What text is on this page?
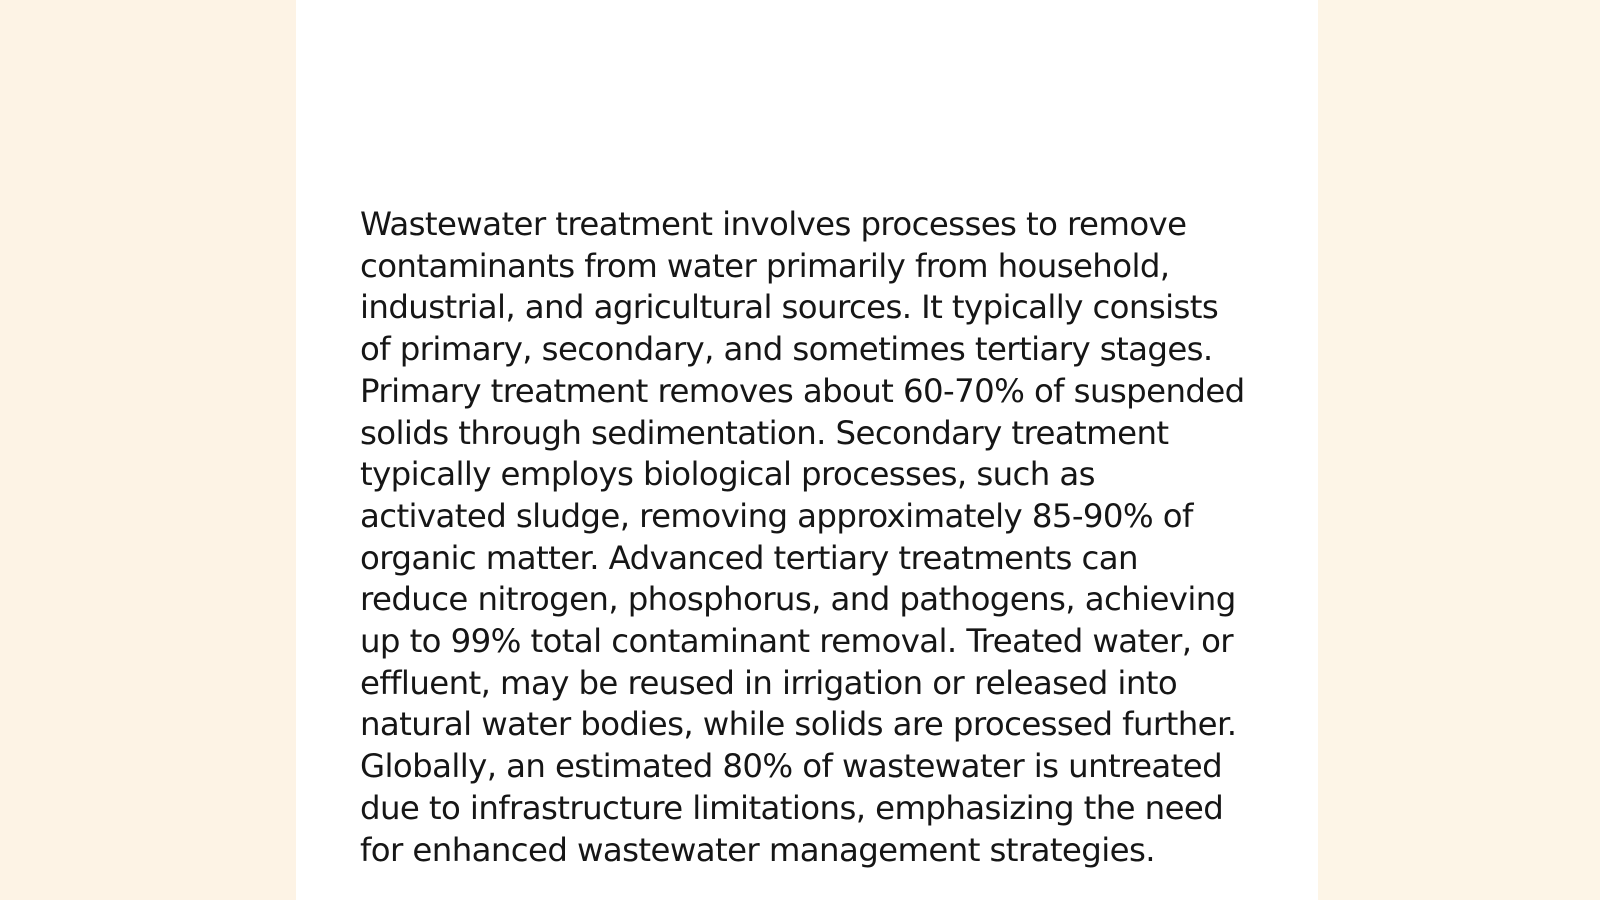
Wastewater treatment involves processes to remove contaminants from water primarily from household, industrial, and agricultural sources. It typically consists of primary, secondary, and sometimes tertiary stages. Primary treatment removes about 60-70% of suspended solids through sedimentation. Secondary treatment typically employs biological processes, such as activated sludge, removing approximately 85-90% of organic matter. Advanced tertiary treatments can reduce nitrogen, phosphorus, and pathogens, achieving up to 99% total contaminant removal. Treated water, or effluent, may be reused in irrigation or released into natural water bodies, while solids are processed further. Globally, an estimated 80% of wastewater is untreated due to infrastructure limitations, emphasizing the need for enhanced wastewater management strategies.
